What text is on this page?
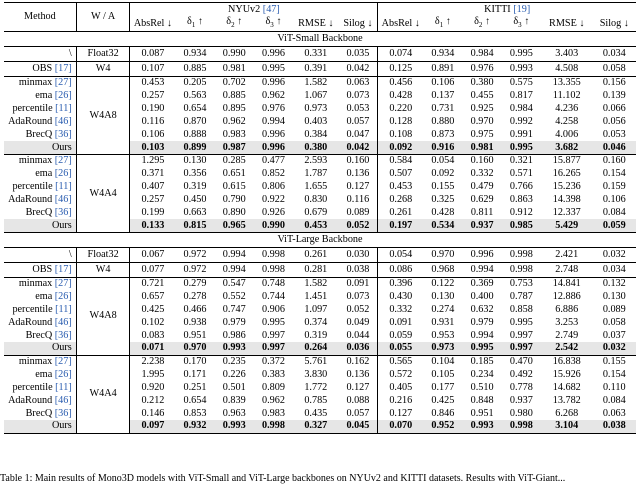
Method	W / A	NYUv2 [47]						KITTI [19]					
		AbsRel ↓	$\delta_1$ ↑	$\delta_2$ ↑	$\delta_3$ ↑	RMSE ↓	Silog ↓	AbsRel ↓	$\delta_1$ ↑	$\delta_2$ ↑	$\delta_3$ ↑	RMSE ↓	Silog ↓
ViT-Small Backbone													
\	Float32	0.087	0.934	0.990	0.996	0.331	0.035	0.074	0.934	0.984	0.995	3.403	0.034
OBS [17]	W4	0.107	0.885	0.981	0.995	0.391	0.042	0.125	0.891	0.976	0.993	4.508	0.058
minmax [27]	W4A8	0.453	0.205	0.702	0.996	1.582	0.063	0.456	0.106	0.380	0.575	13.355	0.156
ema [26]		0.257	0.563	0.885	0.962	1.067	0.073	0.428	0.137	0.455	0.817	11.102	0.139
percentile [11]		0.190	0.654	0.895	0.976	0.973	0.053	0.220	0.731	0.925	0.984	4.236	0.066
AdaRound [46]		0.116	0.870	0.962	0.994	0.403	0.057	0.128	0.880	0.970	0.992	4.258	0.056
BrecQ [36]		0.106	0.888	0.983	0.996	0.384	0.047	0.108	0.873	0.975	0.991	4.006	0.053
Ours		0.103	0.899	0.987	0.996	0.380	0.042	0.092	0.916	0.981	0.995	3.682	0.046
minmax [27]	W4A4	1.295	0.130	0.285	0.477	2.593	0.160	0.584	0.054	0.160	0.321	15.877	0.160
ema [26]		0.371	0.356	0.651	0.852	1.787	0.136	0.507	0.092	0.332	0.571	16.265	0.154
percentile [11]		0.407	0.319	0.615	0.806	1.655	0.127	0.453	0.155	0.479	0.766	15.236	0.159
AdaRound [46]		0.257	0.450	0.790	0.922	0.830	0.116	0.268	0.325	0.629	0.863	14.398	0.106
BrecQ [36]		0.199	0.663	0.890	0.926	0.679	0.089	0.261	0.428	0.811	0.912	12.337	0.084
Ours		0.133	0.815	0.965	0.990	0.453	0.052	0.197	0.534	0.937	0.985	5.429	0.059
ViT-Large Backbone													
\	Float32	0.067	0.972	0.994	0.998	0.261	0.030	0.054	0.970	0.996	0.998	2.421	0.032
OBS [17]	W4	0.077	0.972	0.994	0.998	0.281	0.038	0.086	0.968	0.994	0.998	2.748	0.034
minmax [27]	W4A8	0.721	0.279	0.547	0.748	1.582	0.091	0.396	0.122	0.369	0.753	14.841	0.132
ema [26]		0.657	0.278	0.552	0.744	1.451	0.073	0.430	0.130	0.400	0.787	12.886	0.130
percentile [11]		0.425	0.466	0.747	0.906	1.097	0.052	0.332	0.274	0.632	0.858	6.886	0.089
AdaRound [46]		0.102	0.938	0.979	0.995	0.374	0.049	0.091	0.931	0.979	0.995	3.253	0.058
BrecQ [36]		0.083	0.951	0.986	0.997	0.319	0.044	0.059	0.953	0.994	0.997	2.749	0.037
Ours		0.071	0.970	0.993	0.997	0.264	0.036	0.055	0.973	0.995	0.997	2.542	0.032
minmax [27]	W4A4	2.238	0.170	0.235	0.372	5.761	0.162	0.565	0.104	0.185	0.470	16.838	0.155
ema [26]		1.995	0.171	0.226	0.383	3.830	0.136	0.572	0.105	0.234	0.492	15.926	0.154
percentile [11]		0.920	0.251	0.501	0.809	1.772	0.127	0.405	0.177	0.510	0.778	14.682	0.110
AdaRound [46]		0.212	0.654	0.839	0.962	0.785	0.088	0.216	0.425	0.848	0.937	13.782	0.084
BrecQ [36]		0.146	0.853	0.963	0.983	0.435	0.057	0.127	0.846	0.951	0.980	6.268	0.063
Ours		0.097	0.932	0.993	0.998	0.327	0.045	0.070	0.952	0.993	0.998	3.104	0.038
Table 1: Main results of Mono3D models with ViT-Small and ViT-Large backbones on NYUv2 and KITTI datasets. Results with ViT-Giant...
